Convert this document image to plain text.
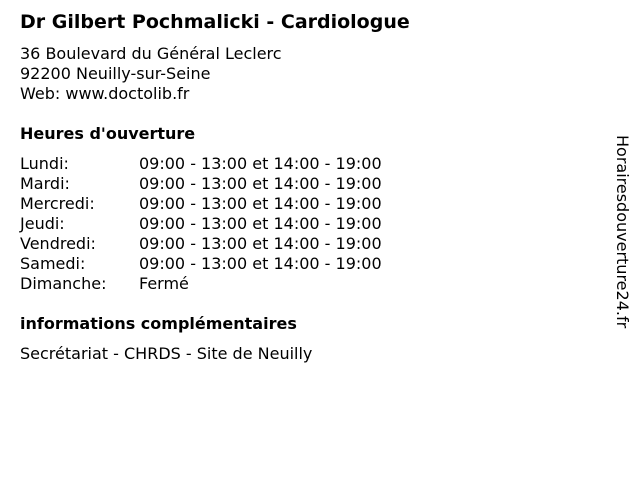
Dr Gilbert Pochmalicki - Cardiologue
36 Boulevard du Général Leclerc
92200 Neuilly-sur-Seine
Web: www.doctolib.fr
Heures d'ouverture
Lundi:	09:00 - 13:00 et 14:00 - 19:00
Mardi:	09:00 - 13:00 et 14:00 - 19:00
Mercredi:	09:00 - 13:00 et 14:00 - 19:00
Jeudi:	09:00 - 13:00 et 14:00 - 19:00
Vendredi:	09:00 - 13:00 et 14:00 - 19:00
Samedi:	09:00 - 13:00 et 14:00 - 19:00
Dimanche: Fermé
informations complémentaires
Secrétariat - CHRDS - Site de Neuilly
Horairesdouverture24.fr
